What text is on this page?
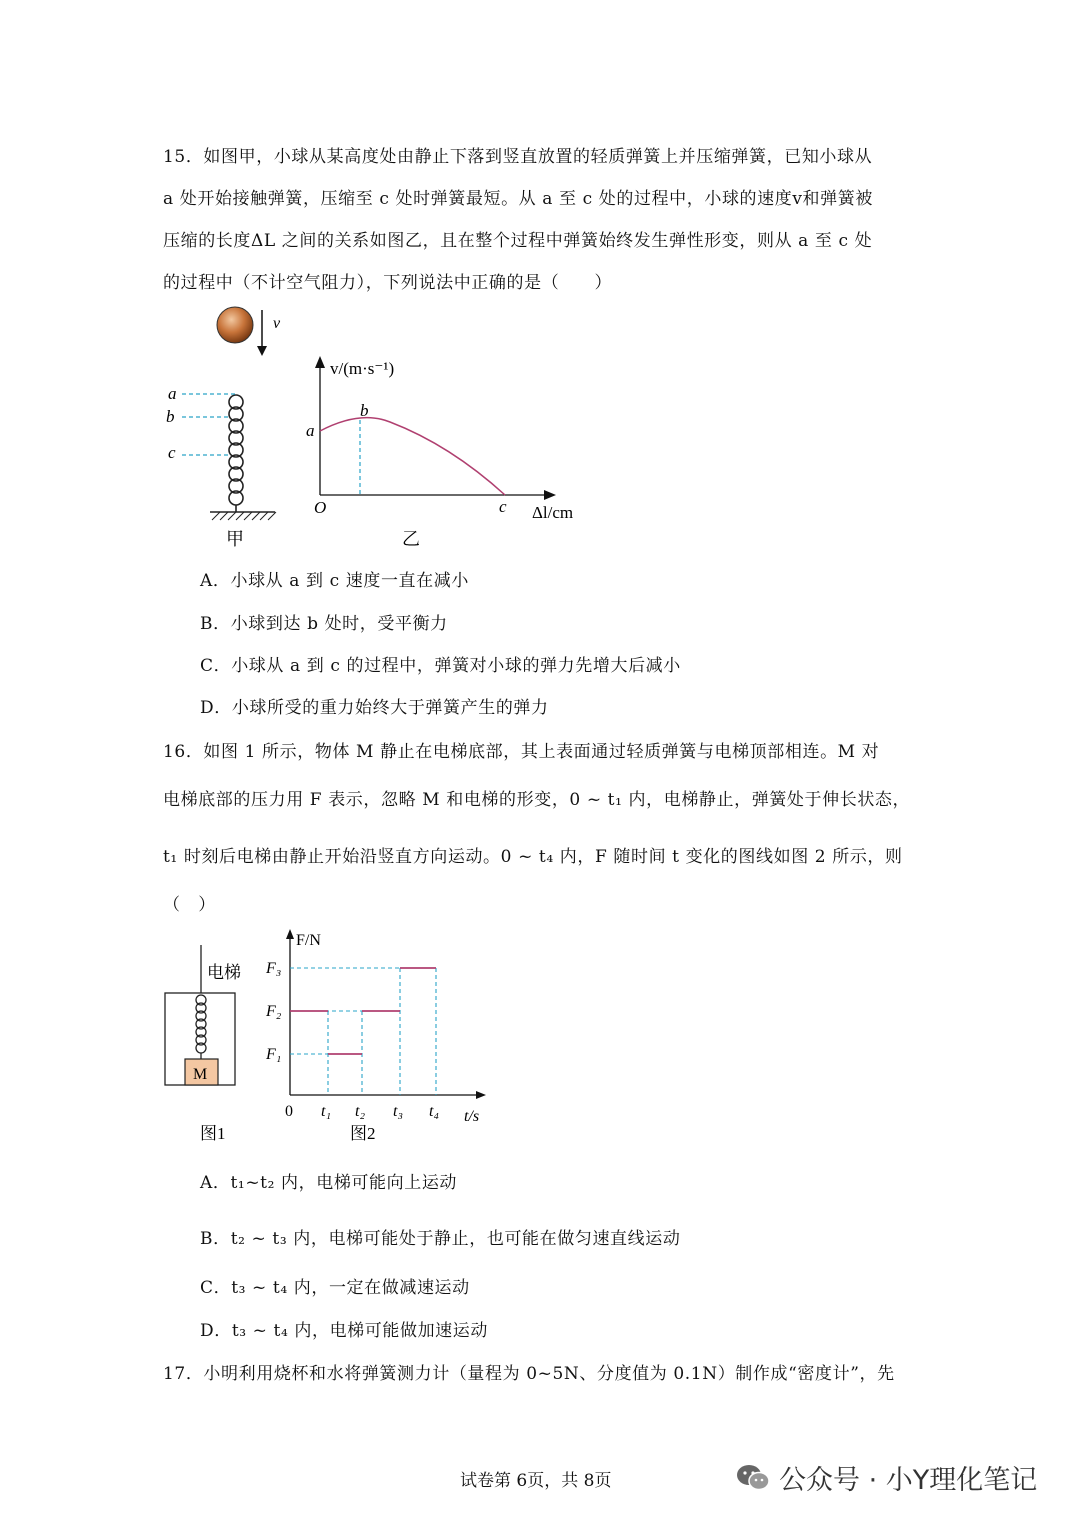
15．如图甲，小球从某高度处由静止下落到竖直放置的轻质弹簧上并压缩弹簧，已知小球从
a 处开始接触弹簧，压缩至 c 处时弹簧最短。从 a 至 c 处的过程中，小球的速度v和弹簧被
压缩的长度ΔL 之间的关系如图乙，且在整个过程中弹簧始终发生弹性形变，则从 a 至 c 处
的过程中（不计空气阻力），下列说法中正确的是（　　）
v
a
b
c
甲
v/(m·s⁻¹)
Δl/cm
O
a
b
c
乙
A．小球从 a 到 c 速度一直在减小
B．小球到达 b 处时，受平衡力
C．小球从 a 到 c 的过程中，弹簧对小球的弹力先增大后减小
D．小球所受的重力始终大于弹簧产生的弹力
16．如图 1 所示，物体 M 静止在电梯底部，其上表面通过轻质弹簧与电梯顶部相连。M 对
电梯底部的压力用 F 表示，忽略 M 和电梯的形变，0 ~ t₁ 内，电梯静止，弹簧处于伸长状态，
t₁ 时刻后电梯由静止开始沿竖直方向运动。0 ~ t₄ 内，F 随时间 t 变化的图线如图 2 所示，则
（　）
M
电梯
图1
F/N
t/s
0
F₃
F₂
F₁
t₁ t₂ t₃ t₄
图2
A．t₁~t₂ 内，电梯可能向上运动
B．t₂ ~ t₃ 内，电梯可能处于静止，也可能在做匀速直线运动
C．t₃ ~ t₄ 内，一定在做减速运动
D．t₃ ~ t₄ 内，电梯可能做加速运动
17．小明利用烧杯和水将弹簧测力计（量程为 0~5N、分度值为 0.1N）制作成“密度计”，先
试卷第 6页，共 8页	公众号 · 小Y理化笔记
